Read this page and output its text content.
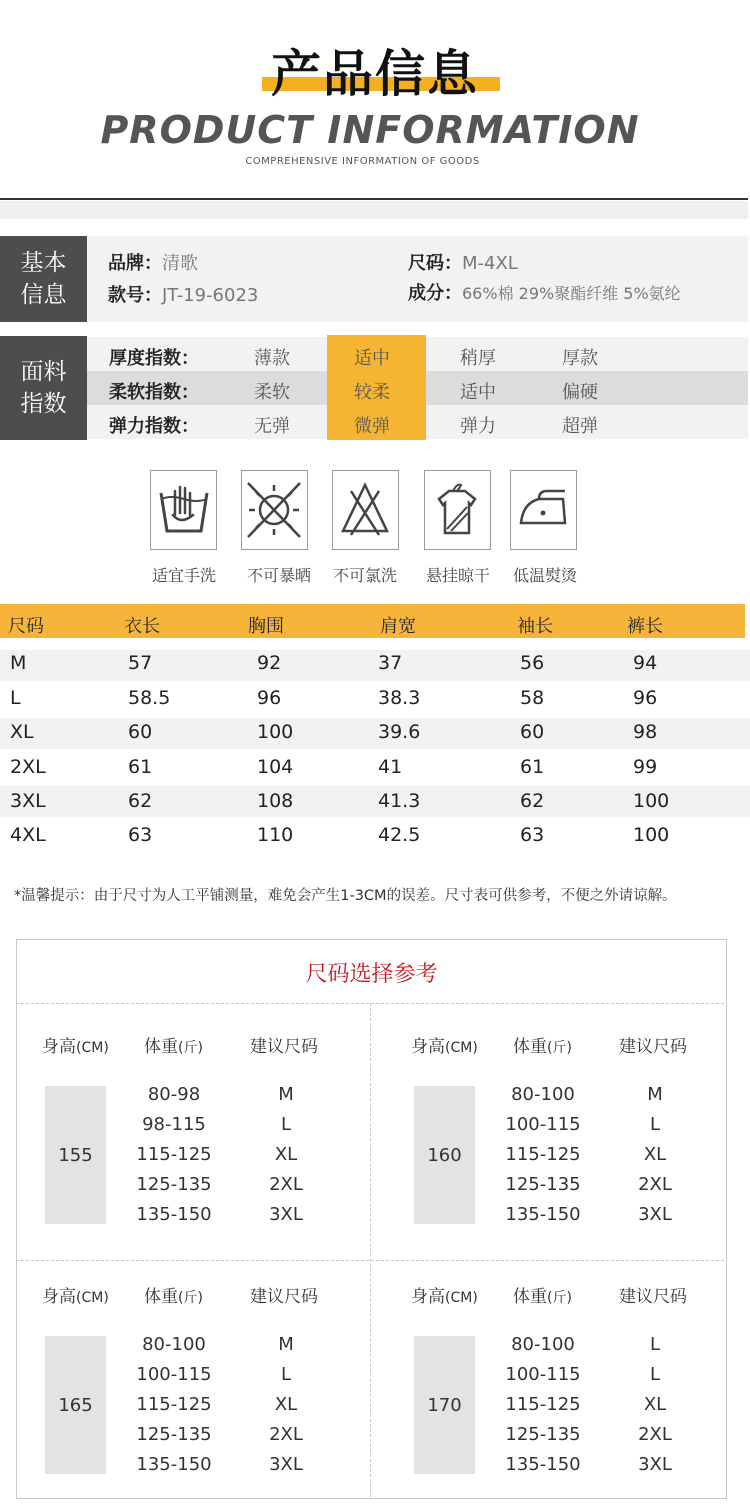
产品信息
PRODUCT INFORMATION
COMPREHENSIVE INFORMATION OF GOODS
基本
信息
品牌：清歌
款号：JT-19-6023
尺码：M-4XL
成分：66%棉 29%聚酯纤维 5%氨纶
面料
指数
厚度指数：	薄款	适中	稍厚	厚款
柔软指数：	柔软	较柔	适中	偏硬
弹力指数：	无弹	微弹	弹力	超弹
适宜手洗	不可暴晒	不可氯洗	悬挂晾干	低温熨烫
尺码	衣长	胸围	肩宽	袖长	裤长
M	57	92	37	56	94
L	58.5	96	38.3	58	96
XL	60	100	39.6	60	98
2XL	61	104	41	61	99
3XL	62	108	41.3	62	100
4XL	63	110	42.5	63	100
*温馨提示：由于尺寸为人工平铺测量，难免会产生1-3CM的误差。尺寸表可供参考，不便之外请谅解。
尺码选择参考
身高(CM) 体重(斤)	建议尺码
155
80-98	M
98-115	L
115-125	XL
125-135	2XL
135-150	3XL
身高(CM) 体重(斤)	建议尺码
160
80-100	M
100-115	L
115-125	XL
125-135	2XL
135-150	3XL
身高(CM) 体重(斤)	建议尺码
165
80-100	M
100-115	L
115-125	XL
125-135	2XL
135-150	3XL
身高(CM) 体重(斤)	建议尺码
170
80-100	L
100-115	L
115-125	XL
125-135	2XL
135-150	3XL
